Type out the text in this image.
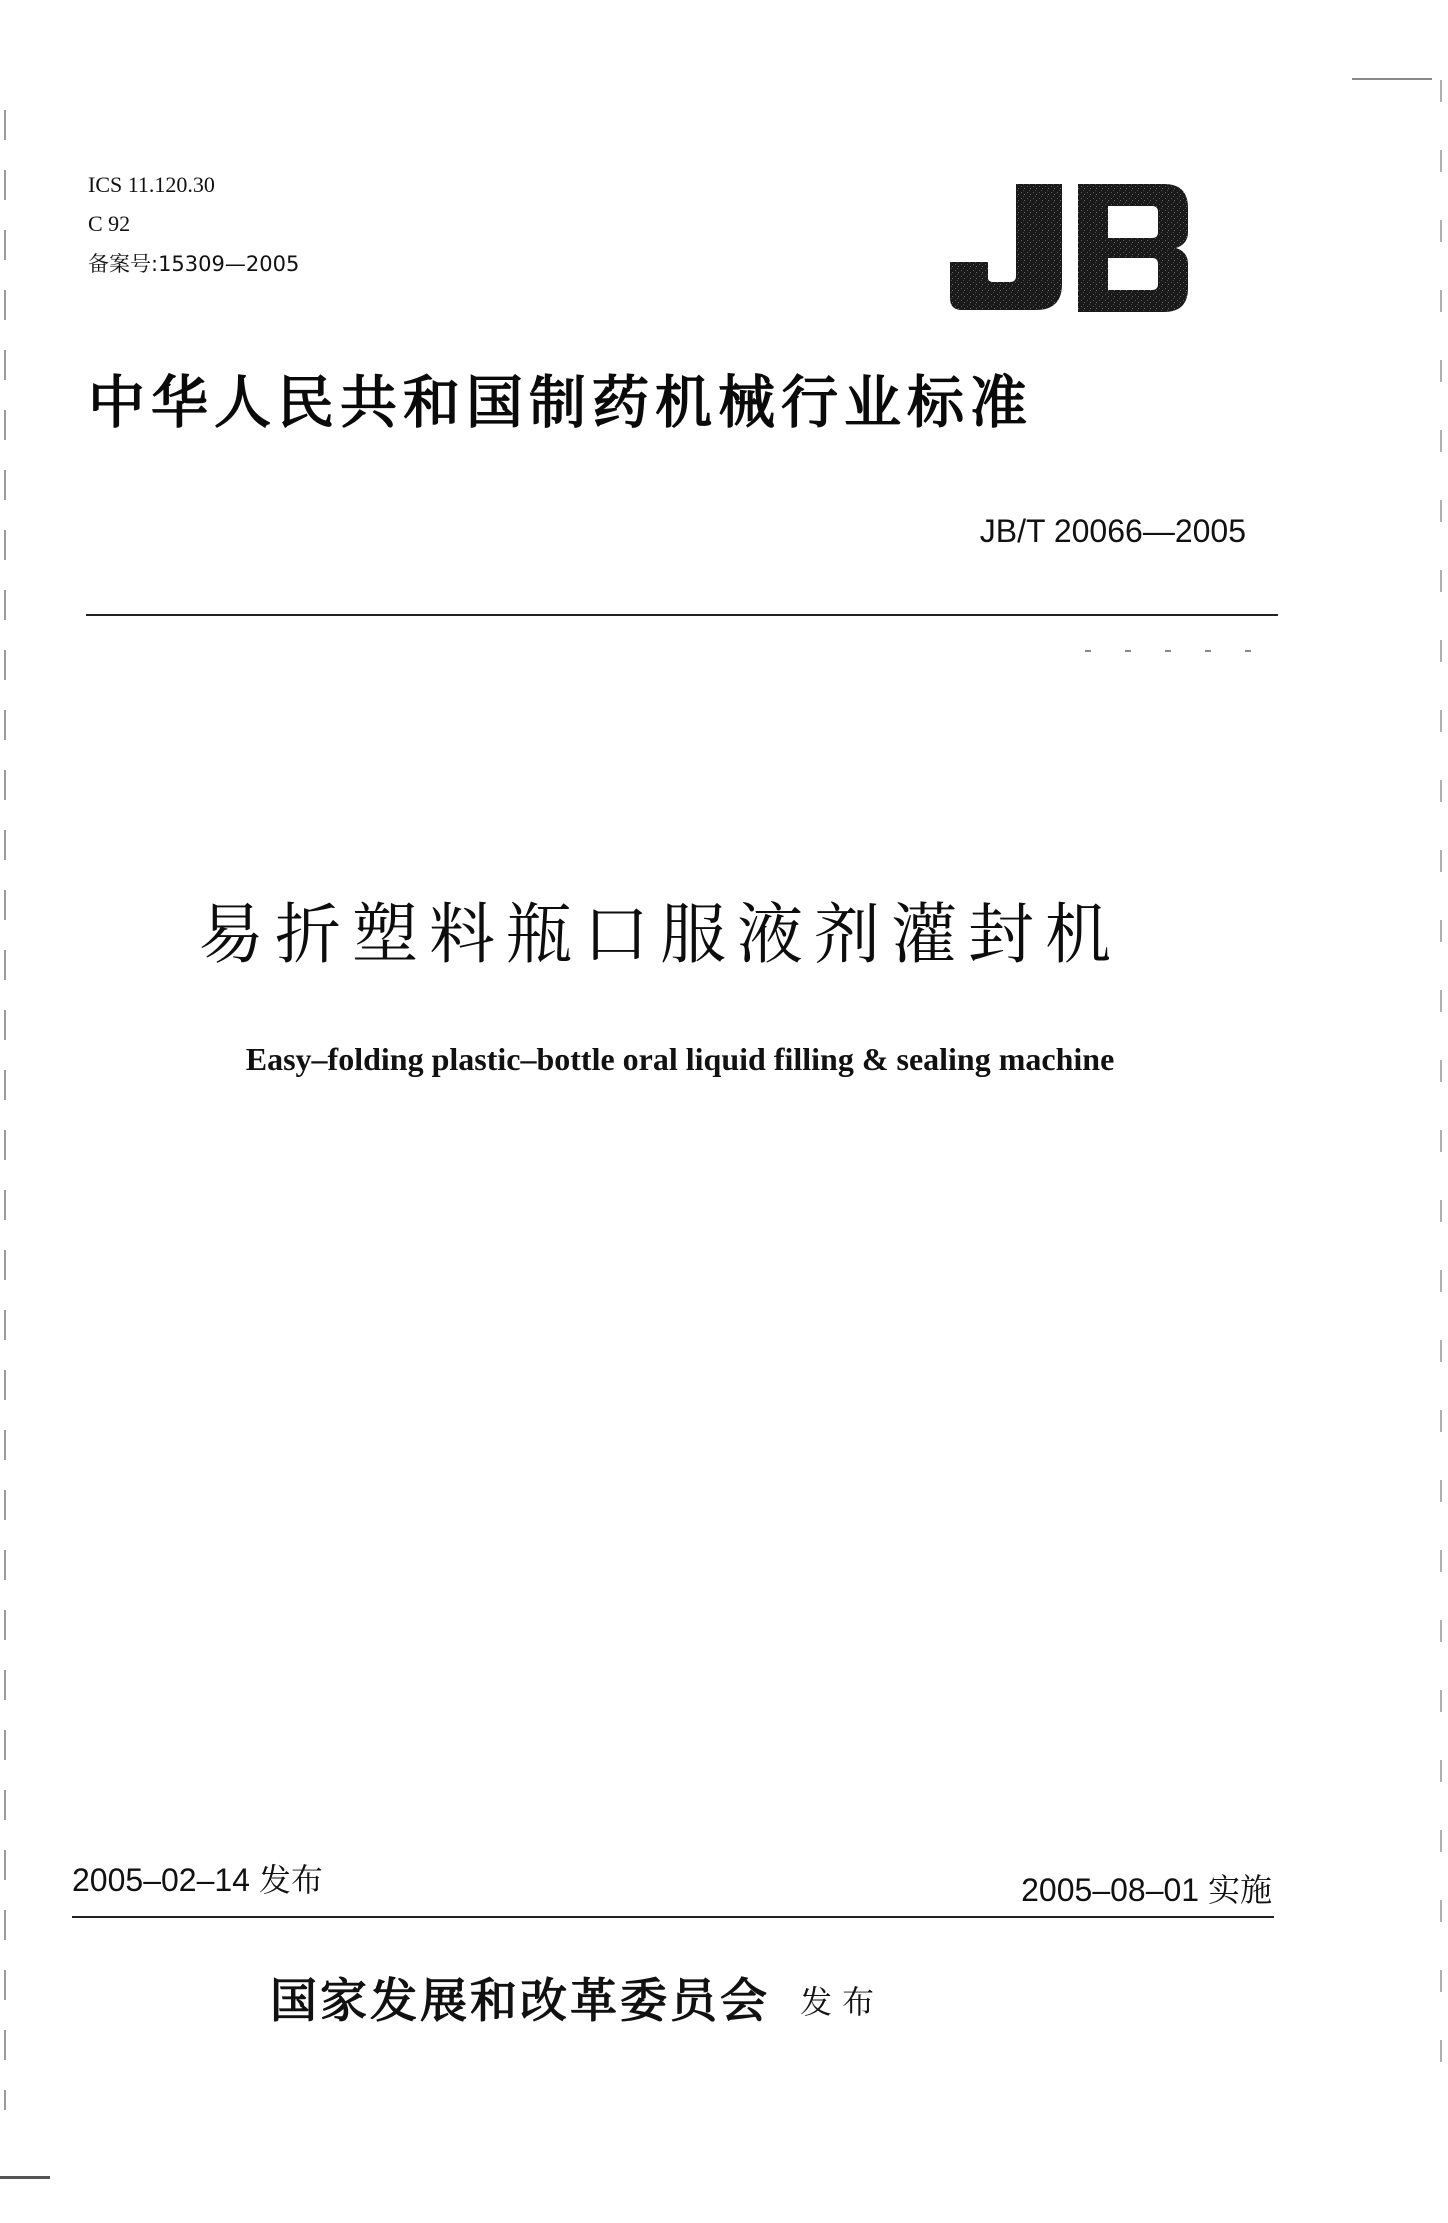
ICS 11.120.30
C 92
备案号:15309—2005
中华人民共和国制药机械行业标准
JB/T 20066—2005
易折塑料瓶口服液剂灌封机
Easy–folding plastic–bottle oral liquid filling & sealing machine
2005–02–14 发布	2005–08–01 实施
国家发展和改革委员会 发布
